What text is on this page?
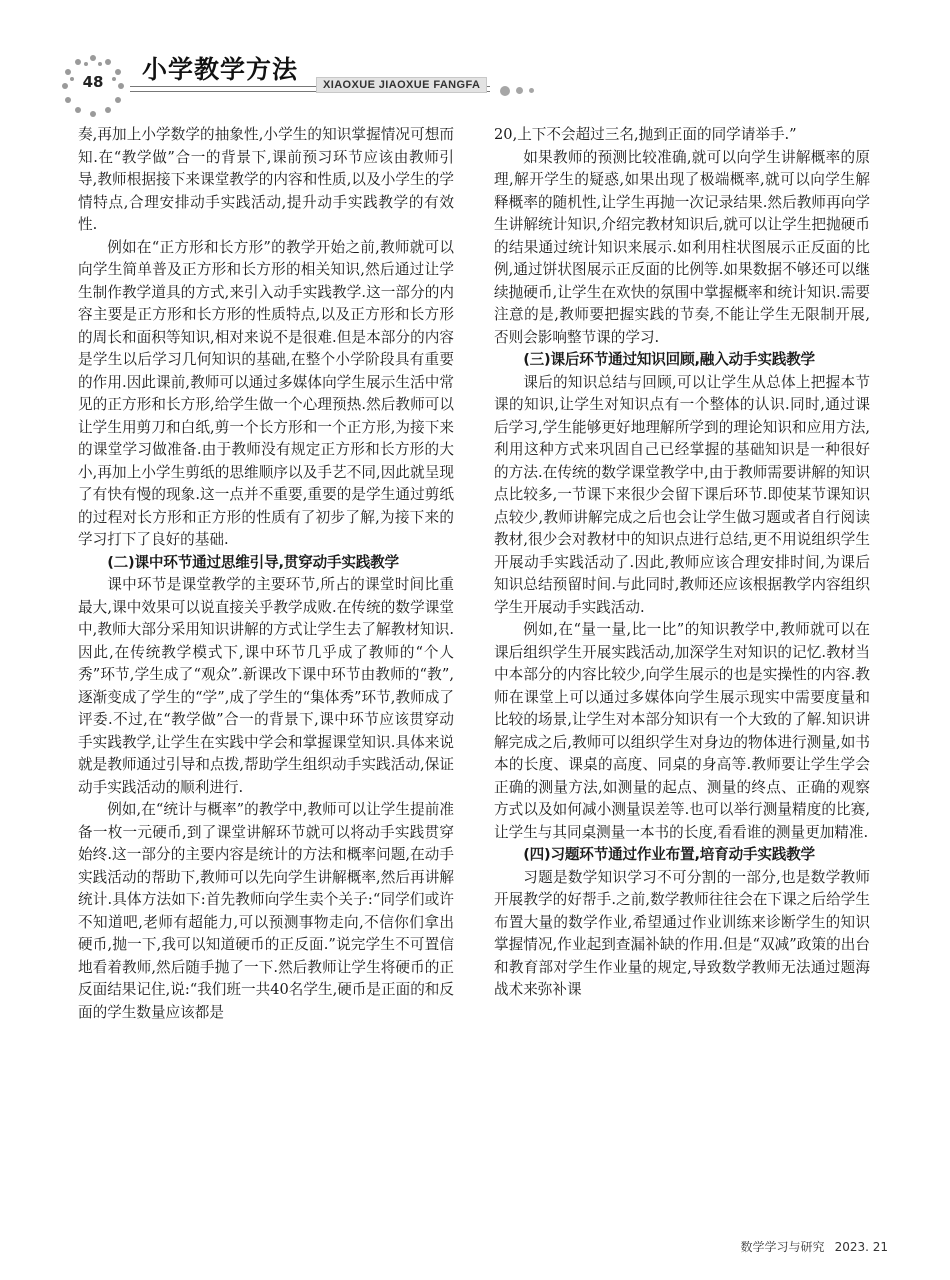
48	小学教学方法
XIAOXUE JIAOXUE FANGFA

奏,再加上小学数学的抽象性,小学生的知识掌握情况可想而知.在“教学做”合一的背景下,课前预习环节应该由教师引导,教师根据接下来课堂教学的内容和性质,以及小学生的学情特点,合理安排动手实践活动,提升动手实践教学的有效性.

例如在“正方形和长方形”的教学开始之前,教师就可以向学生简单普及正方形和长方形的相关知识,然后通过让学生制作教学道具的方式,来引入动手实践教学.这一部分的内容主要是正方形和长方形的性质特点,以及正方形和长方形的周长和面积等知识,相对来说不是很难.但是本部分的内容是学生以后学习几何知识的基础,在整个小学阶段具有重要的作用.因此课前,教师可以通过多媒体向学生展示生活中常见的正方形和长方形,给学生做一个心理预热.然后教师可以让学生用剪刀和白纸,剪一个长方形和一个正方形,为接下来的课堂学习做准备.由于教师没有规定正方形和长方形的大小,再加上小学生剪纸的思维顺序以及手艺不同,因此就呈现了有快有慢的现象.这一点并不重要,重要的是学生通过剪纸的过程对长方形和正方形的性质有了初步了解,为接下来的学习打下了良好的基础.

(二)课中环节通过思维引导,贯穿动手实践教学

课中环节是课堂教学的主要环节,所占的课堂时间比重最大,课中效果可以说直接关乎教学成败.在传统的数学课堂中,教师大部分采用知识讲解的方式让学生去了解教材知识.因此,在传统教学模式下,课中环节几乎成了教师的“个人秀”环节,学生成了“观众”.新课改下课中环节由教师的“教”,逐渐变成了学生的“学”,成了学生的“集体秀”环节,教师成了评委.不过,在“教学做”合一的背景下,课中环节应该贯穿动手实践教学,让学生在实践中学会和掌握课堂知识.具体来说就是教师通过引导和点拨,帮助学生组织动手实践活动,保证动手实践活动的顺利进行.

例如,在“统计与概率”的教学中,教师可以让学生提前准备一枚一元硬币,到了课堂讲解环节就可以将动手实践贯穿始终.这一部分的主要内容是统计的方法和概率问题,在动手实践活动的帮助下,教师可以先向学生讲解概率,然后再讲解统计.具体方法如下:首先教师向学生卖个关子:“同学们或许不知道吧,老师有超能力,可以预测事物走向,不信你们拿出硬币,抛一下,我可以知道硬币的正反面.”说完学生不可置信地看着教师,然后随手抛了一下.然后教师让学生将硬币的正反面结果记住,说:“我们班一共40名学生,硬币是正面的和反面的学生数量应该都是

20,上下不会超过三名,抛到正面的同学请举手.”

如果教师的预测比较准确,就可以向学生讲解概率的原理,解开学生的疑惑,如果出现了极端概率,就可以向学生解释概率的随机性,让学生再抛一次记录结果.然后教师再向学生讲解统计知识,介绍完教材知识后,就可以让学生把抛硬币的结果通过统计知识来展示.如利用柱状图展示正反面的比例,通过饼状图展示正反面的比例等.如果数据不够还可以继续抛硬币,让学生在欢快的氛围中掌握概率和统计知识.需要注意的是,教师要把握实践的节奏,不能让学生无限制开展,否则会影响整节课的学习.

(三)课后环节通过知识回顾,融入动手实践教学

课后的知识总结与回顾,可以让学生从总体上把握本节课的知识,让学生对知识点有一个整体的认识.同时,通过课后学习,学生能够更好地理解所学到的理论知识和应用方法,利用这种方式来巩固自己已经掌握的基础知识是一种很好的方法.在传统的数学课堂教学中,由于教师需要讲解的知识点比较多,一节课下来很少会留下课后环节.即使某节课知识点较少,教师讲解完成之后也会让学生做习题或者自行阅读教材,很少会对教材中的知识点进行总结,更不用说组织学生开展动手实践活动了.因此,教师应该合理安排时间,为课后知识总结预留时间.与此同时,教师还应该根据教学内容组织学生开展动手实践活动.

例如,在“量一量,比一比”的知识教学中,教师就可以在课后组织学生开展实践活动,加深学生对知识的记忆.教材当中本部分的内容比较少,向学生展示的也是实操性的内容.教师在课堂上可以通过多媒体向学生展示现实中需要度量和比较的场景,让学生对本部分知识有一个大致的了解.知识讲解完成之后,教师可以组织学生对身边的物体进行测量,如书本的长度、课桌的高度、同桌的身高等.教师要让学生学会正确的测量方法,如测量的起点、测量的终点、正确的观察方式以及如何减小测量误差等.也可以举行测量精度的比赛,让学生与其同桌测量一本书的长度,看看谁的测量更加精准.

(四)习题环节通过作业布置,培育动手实践教学

习题是数学知识学习不可分割的一部分,也是数学教师开展教学的好帮手.之前,数学教师往往会在下课之后给学生布置大量的数学作业,希望通过作业训练来诊断学生的知识掌握情况,作业起到查漏补缺的作用.但是“双减”政策的出台和教育部对学生作业量的规定,导致数学教师无法通过题海战术来弥补课

数学学习与研究 2023. 21
